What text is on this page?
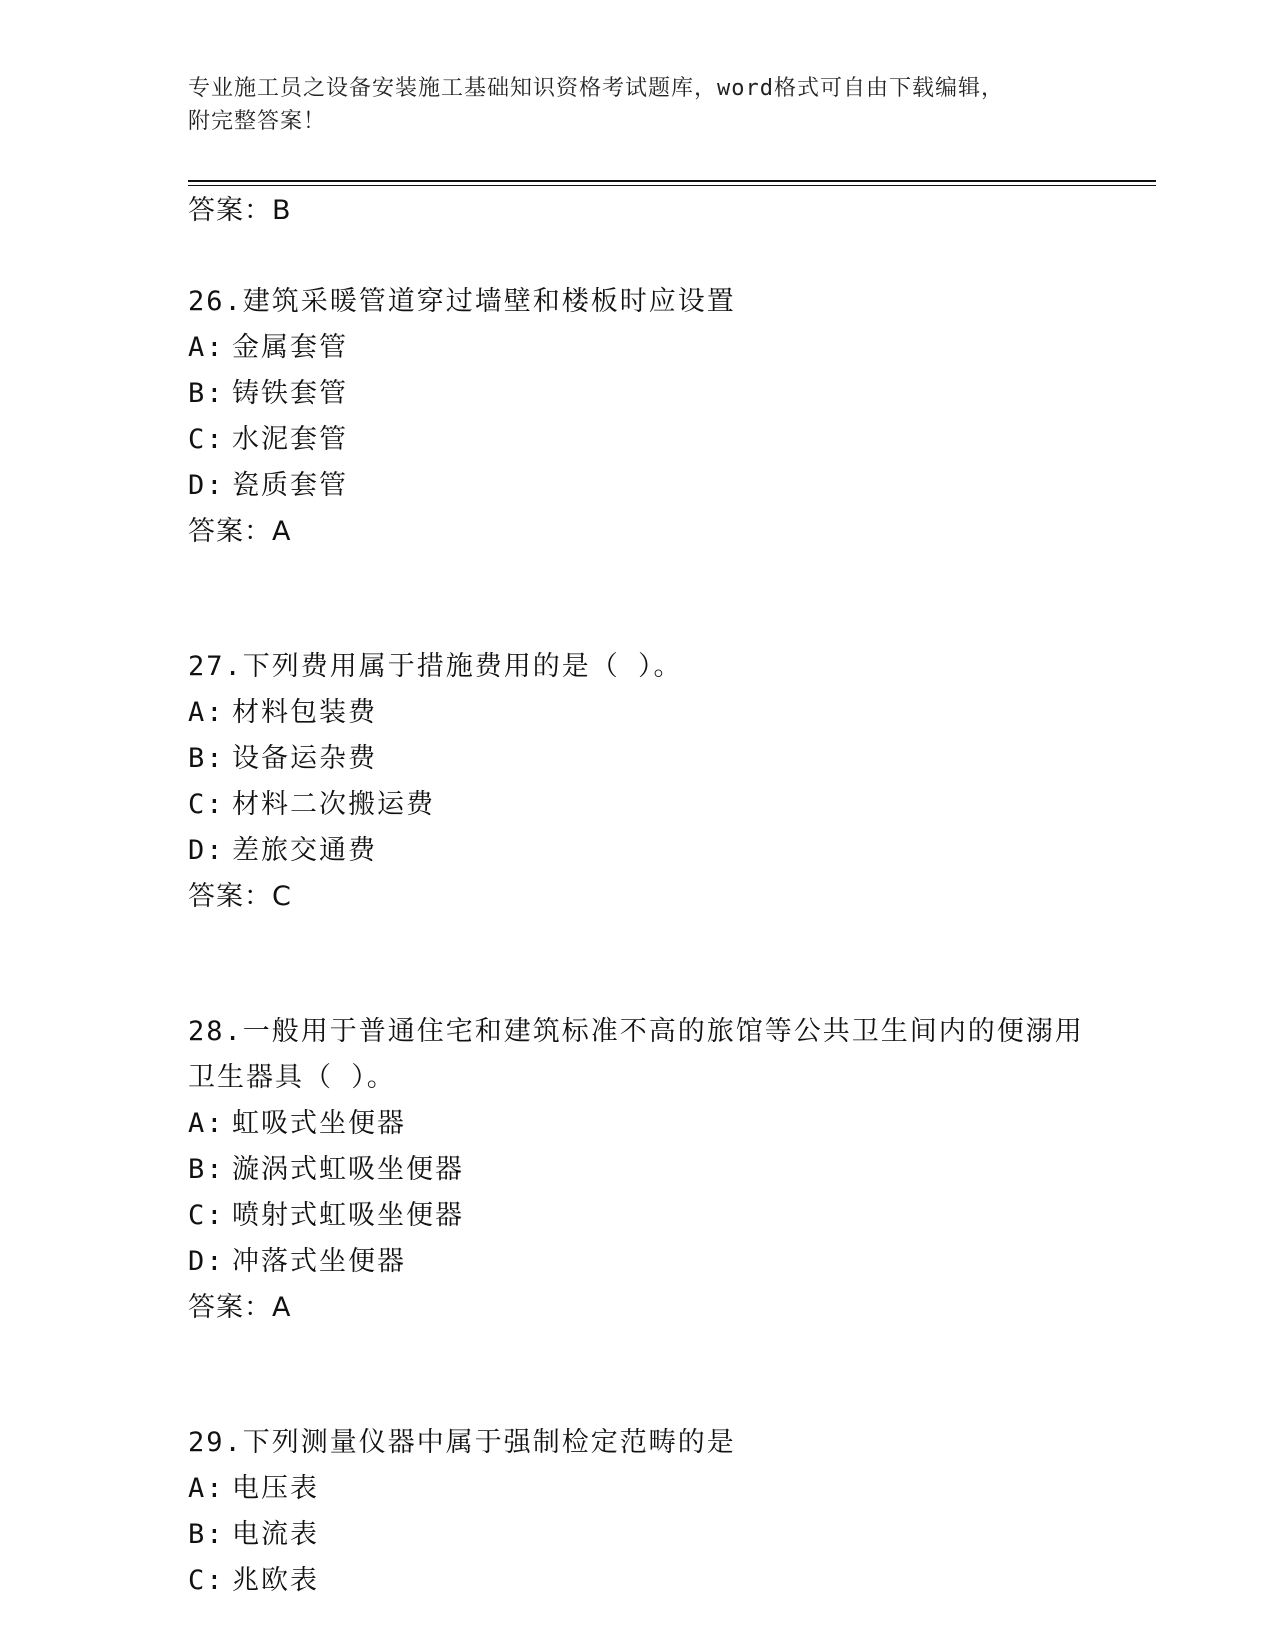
专业施工员之设备安装施工基础知识资格考试题库，word格式可自由下载编辑，
附完整答案！
答案：B
26.建筑采暖管道穿过墙壁和楼板时应设置
A: 金属套管
B: 铸铁套管
C: 水泥套管
D: 瓷质套管
答案：A
27.下列费用属于措施费用的是（ ）。
A: 材料包装费
B: 设备运杂费
C: 材料二次搬运费
D: 差旅交通费
答案：C
28.一般用于普通住宅和建筑标准不高的旅馆等公共卫生间内的便溺用卫生器具（ ）。
A: 虹吸式坐便器
B: 漩涡式虹吸坐便器
C: 喷射式虹吸坐便器
D: 冲落式坐便器
答案：A
29.下列测量仪器中属于强制检定范畴的是
A: 电压表
B: 电流表
C: 兆欧表
